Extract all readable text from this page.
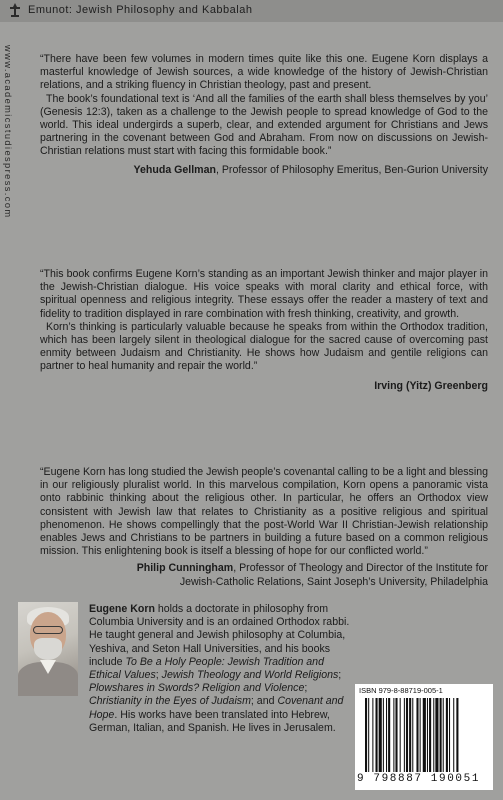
Emunot: Jewish Philosophy and Kabbalah
www.academicstudiespress.com	“There have been few volumes in modern times quite like this one. Eugene Korn displays a masterful knowledge of Jewish sources, a wide knowledge of the history of Jewish-Christian relations, and a striking fluency in Christian theology, past and present.

The book’s foundational text is ‘And all the families of the earth shall bless themselves by you’ (Genesis 12:3), taken as a challenge to the Jewish people to spread knowledge of God to the world. This ideal undergirds a superb, clear, and extended argument for Christians and Jews partnering in the covenant between God and Abraham. From now on discussions on Jewish-Christian relations must start with facing this formidable book.”

Yehuda Gellman, Professor of Philosophy Emeritus, Ben-Gurion University

“This book confirms Eugene Korn’s standing as an important Jewish thinker and major player in the Jewish-Christian dialogue. His voice speaks with moral clarity and ethical force, with spiritual openness and religious integrity. These essays offer the reader a mastery of text and fidelity to tradition displayed in rare combination with fresh thinking, creativity, and growth.

Korn’s thinking is particularly valuable because he speaks from within the Orthodox tradition, which has been largely silent in theological dialogue for the sacred cause of overcoming past enmity between Judaism and Christianity. He shows how Judaism and gentile religions can partner to heal humanity and repair the world.”

Irving (Yitz) Greenberg

“Eugene Korn has long studied the Jewish people’s covenantal calling to be a light and blessing in our religiously pluralist world. In this marvelous compilation, Korn opens a panoramic vista onto rabbinic thinking about the religious other. In particular, he offers an Orthodox view consistent with Jewish law that relates to Christianity as a positive religious and spiritual phenomenon. He shows compellingly that the post-World War II Christian-Jewish relationship enables Jews and Christians to be partners in building a future based on a common religious mission. This enlightening book is itself a blessing of hope for our conflicted world.”

Philip Cunningham, Professor of Theology and Director of the Institute for
Jewish-Catholic Relations, Saint Joseph’s University, Philadelphia
Eugene Korn holds a doctorate in philosophy from Columbia University and is an ordained Orthodox rabbi. He taught general and Jewish philosophy at Columbia, Yeshiva, and Seton Hall Universities, and his books include To Be a Holy People: Jewish Tradition and Ethical Values; Jewish Theology and World Religions; Plowshares in Swords? Religion and Violence; Christianity in the Eyes of Judaism; and Covenant and Hope. His works have been translated into Hebrew, German, Italian, and Spanish. He lives in Jerusalem.
ISBN 979-8-88719-005-1
9 798887 190051
